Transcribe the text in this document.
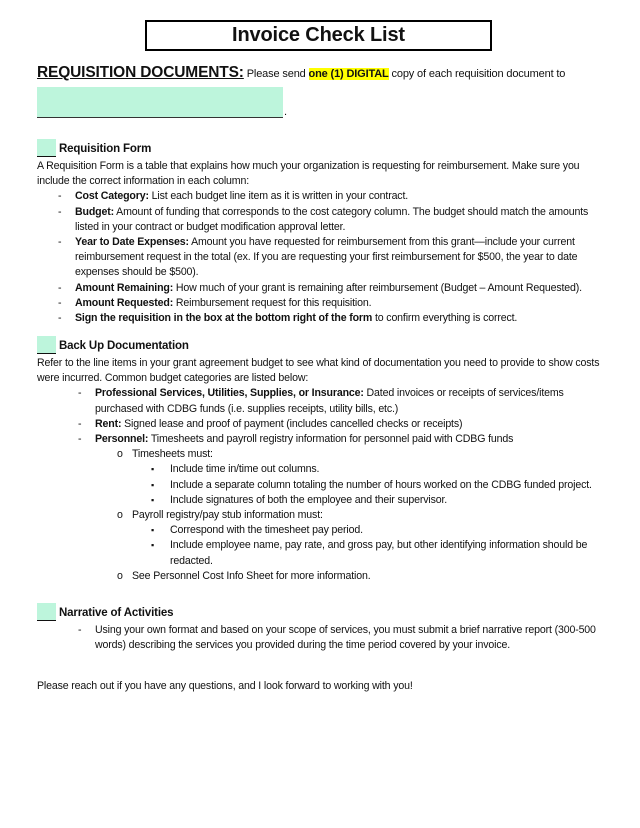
Invoice Check List
REQUISITION DOCUMENTS: Please send one (1) DIGITAL copy of each requisition document to
.
Requisition Form
A Requisition Form is a table that explains how much your organization is requesting for reimbursement. Make sure you include the correct information in each column:
- Cost Category: List each budget line item as it is written in your contract.
- Budget: Amount of funding that corresponds to the cost category column. The budget should match the amounts listed in your contract or budget modification approval letter.
- Year to Date Expenses: Amount you have requested for reimbursement from this grant—include your current reimbursement request in the total (ex. If you are requesting your first reimbursement for $500, the year to date expenses should be $500).
- Amount Remaining: How much of your grant is remaining after reimbursement (Budget – Amount Requested).
- Amount Requested: Reimbursement request for this requisition.
- Sign the requisition in the box at the bottom right of the form to confirm everything is correct.
Back Up Documentation
Refer to the line items in your grant agreement budget to see what kind of documentation you need to provide to show costs were incurred. Common budget categories are listed below:
- Professional Services, Utilities, Supplies, or Insurance: Dated invoices or receipts of services/items purchased with CDBG funds (i.e. supplies receipts, utility bills, etc.)
- Rent: Signed lease and proof of payment (includes cancelled checks or receipts)
- Personnel: Timesheets and payroll registry information for personnel paid with CDBG funds
o Timesheets must:
▪ Include time in/time out columns.
▪ Include a separate column totaling the number of hours worked on the CDBG funded project.
▪ Include signatures of both the employee and their supervisor.
o Payroll registry/pay stub information must:
▪ Correspond with the timesheet pay period.
▪ Include employee name, pay rate, and gross pay, but other identifying information should be redacted.
o See Personnel Cost Info Sheet for more information.
Narrative of Activities
- Using your own format and based on your scope of services, you must submit a brief narrative report (300-500 words) describing the services you provided during the time period covered by your invoice.
Please reach out if you have any questions, and I look forward to working with you!
